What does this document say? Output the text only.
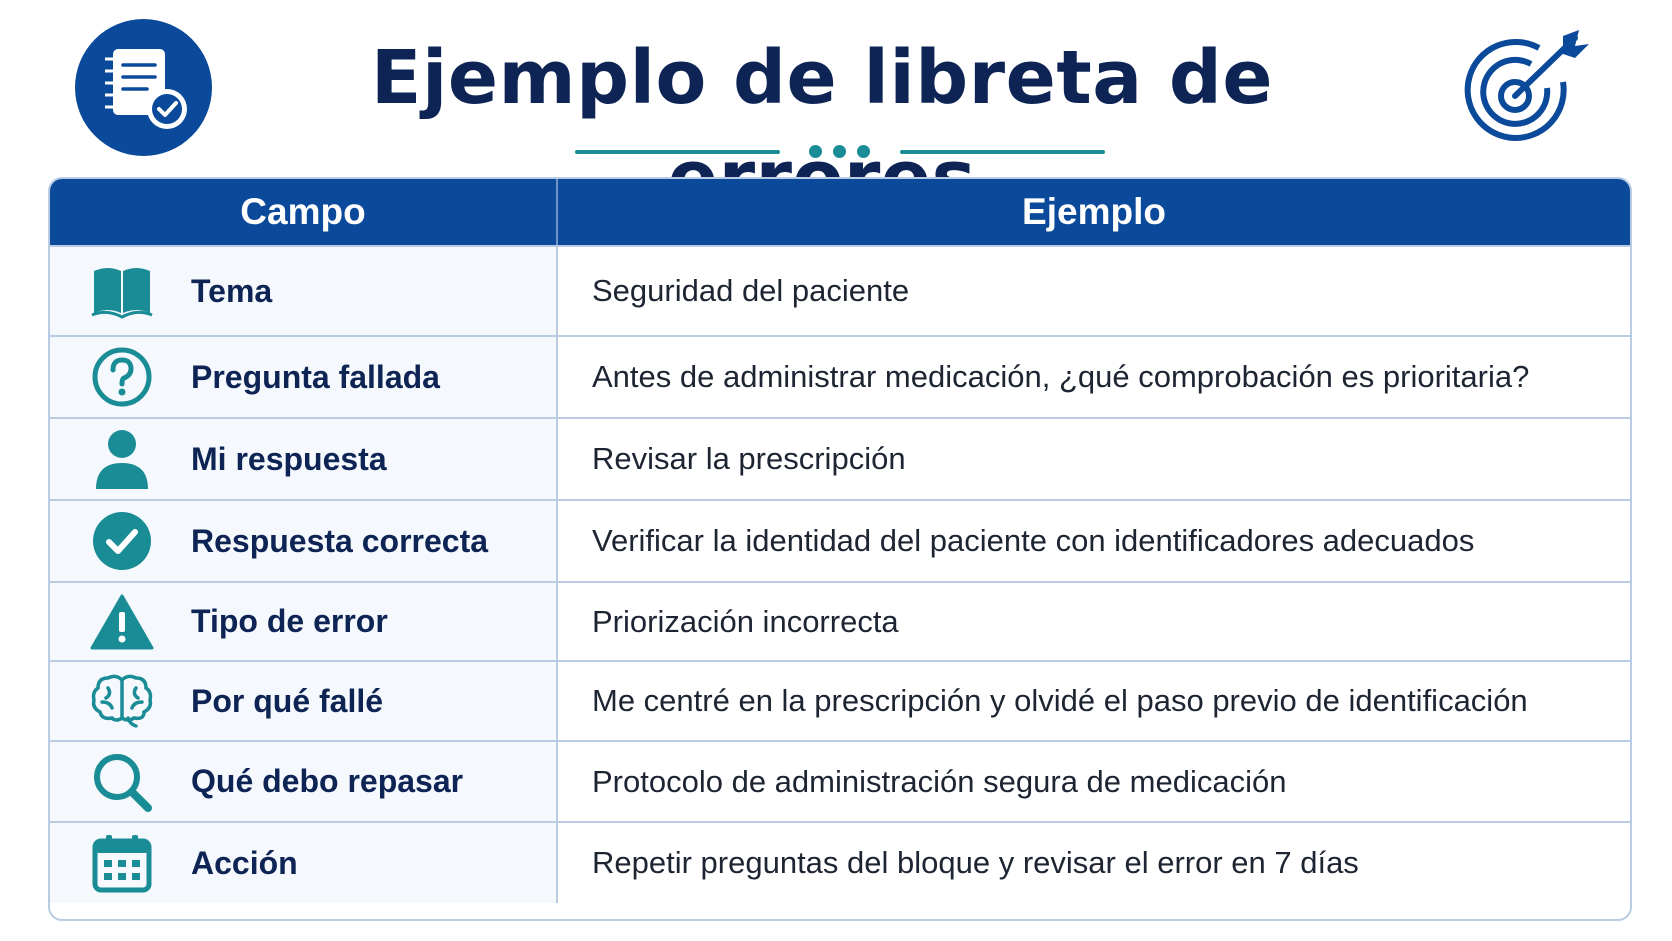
Ejemplo de libreta de
Campo	Ejemplo
Tema	Seguridad del paciente
Pregunta fallada	Antes de administrar medicación, ¿qué comprobación es prioritaria?
Mi respuesta	Revisar la prescripción
Respuesta correcta	Verificar la identidad del paciente con identificadores adecuados
Tipo de error	Priorización incorrecta
Por qué fallé	Me centré en la prescripción y olvidé el paso previo de identificación
Qué debo repasar	Protocolo de administración segura de medicación
Acción	Repetir preguntas del bloque y revisar el error en 7 días
